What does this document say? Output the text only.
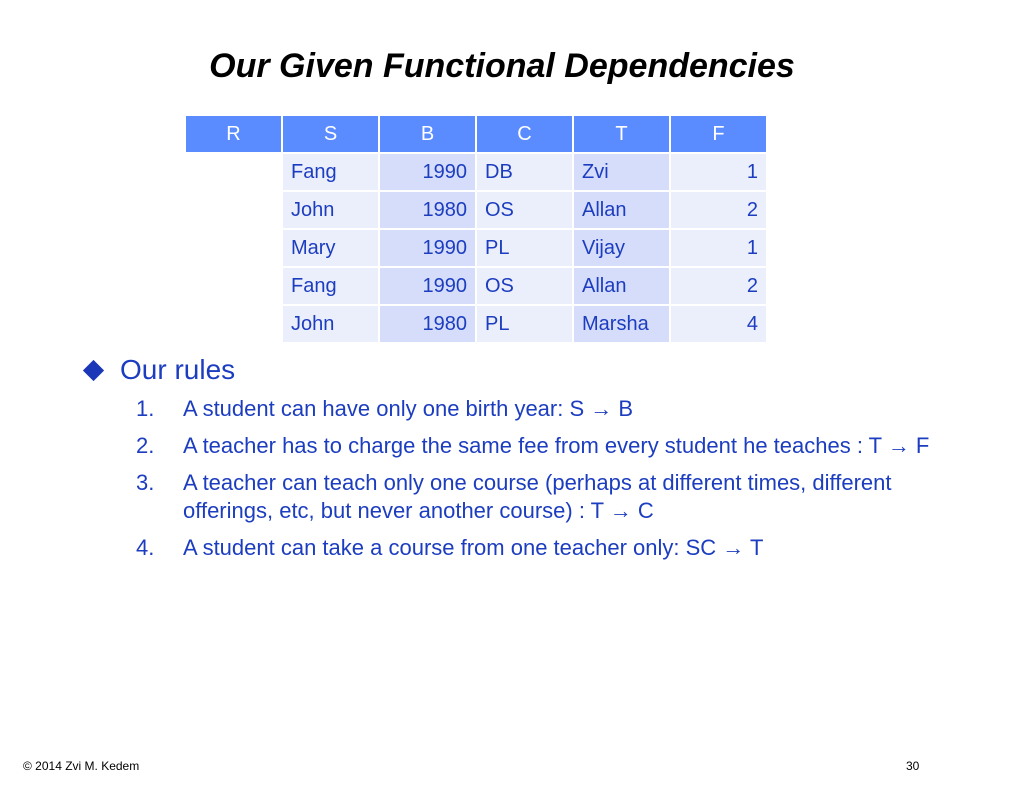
Our Given Functional Dependencies
R	S	B	C	T	F
	Fang	1990	DB	Zvi	1
	John	1980	OS	Allan	2
	Mary	1990	PL	Vijay	1
	Fang	1990	OS	Allan	2
	John	1980	PL	Marsha	4
Our rules
1.	A student can have only one birth year: S → B
2.	A teacher has to charge the same fee from every student he teaches : T → F
3.	A teacher can teach only one course (perhaps at different times, different offerings, etc, but never another course) : T → C
4.	A student can take a course from one teacher only: SC → T
© 2014 Zvi M. Kedem	30
